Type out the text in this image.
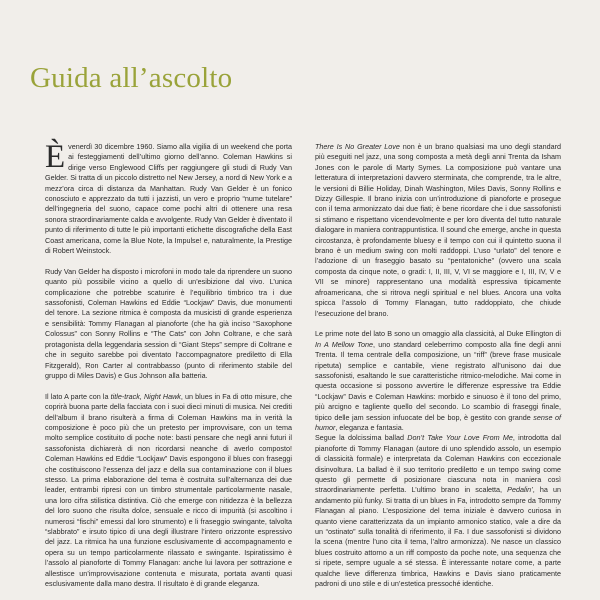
Guida all’ascolto

Èvenerdì 30 dicembre 1960. Siamo alla vigilia di un weekend che porta ai festeggiamenti dell’ultimo giorno dell’anno. Coleman Hawkins si dirige verso Englewood Cliffs per raggiungere gli studi di Rudy Van Gelder. Si tratta di un piccolo distretto nel New Jersey, a nord di New York e a mezz’ora circa di distanza da Manhattan. Rudy Van Gelder è un fonico conosciuto e apprezzato da tutti i jazzisti, un vero e proprio “nume tutelare” dell’ingegneria del suono, capace come pochi altri di ottenere una resa sonora straordinariamente calda e avvolgente. Rudy Van Gelder è diventato il punto di riferimento di tutte le più importanti etichette discografiche della East Coast americana, come la Blue Note, la Impulse! e, naturalmente, la Prestige di Robert Weinstock.

Rudy Van Gelder ha disposto i microfoni in modo tale da riprendere un suono quanto più possibile vicino a quello di un’esibizione dal vivo. L’unica complicazione che potrebbe scaturire è l’equilibrio timbrico tra i due sassofonisti, Coleman Hawkins ed Eddie “Lockjaw” Davis, due monumenti del tenore. La sezione ritmica è composta da musicisti di grande esperienza e sensibilità: Tommy Flanagan al pianoforte (che ha già inciso “Saxophone Colossus” con Sonny Rollins e “The Cats” con John Coltrane, e che sarà protagonista della leggendaria session di “Giant Steps” sempre di Coltrane e che in seguito sarebbe poi diventato l’accompagnatore prediletto di Ella Fitzgerald), Ron Carter al contrabbasso (punto di riferimento stabile del gruppo di Miles Davis) e Gus Johnson alla batteria.

Il lato A parte con la title-track, Night Hawk, un blues in Fa di otto misure, che coprirà buona parte della facciata con i suoi dieci minuti di musica. Nei crediti dell’album il brano risulterà a firma di Coleman Hawkins ma in verità la composizione è poco più che un pretesto per improvvisare, con un tema molto semplice costituito di poche note: basti pensare che negli anni futuri il sassofonista dichiarerà di non ricordarsi neanche di averlo composto! Coleman Hawkins ed Eddie “Lockjaw” Davis espongono il blues con fraseggi che costituiscono l’essenza del jazz e della sua contaminazione con il blues stesso. La prima elaborazione del tema è costruita sull’alternanza dei due leader, entrambi ripresi con un timbro strumentale particolarmente nasale, una loro cifra stilistica distintiva. Ciò che emerge con nitidezza è la bellezza del loro suono che risulta dolce, sensuale e ricco di impurità (si ascoltino i numerosi “fischi” emessi dal loro strumento) e li fraseggio swingante, talvolta “slabbrato” e irsuto tipico di una degli illustrare l’intero orizzonte espressivo del jazz. La ritmica ha una funzione esclusivamente di accompagnamento e opera su un tempo particolarmente rilassato e swingante. Ispiratissimo è l’assolo al pianoforte di Tommy Flanagan: anche lui lavora per sottrazione e allestisce un’improvvisazione contenuta e misurata, portata avanti quasi esclusivamente dalla mano destra. Il risultato è di grande eleganza.

There Is No Greater Love non è un brano qualsiasi ma uno degli standard più eseguiti nel jazz, una song composta a metà degli anni Trenta da Isham Jones con le parole di Marty Symes. La composizione può vantare una letteratura di interpretazioni davvero sterminata, che comprende, tra le altre, le versioni di Billie Holiday, Dinah Washington, Miles Davis, Sonny Rollins e Dizzy Gillespie. Il brano inizia con un’introduzione di pianoforte e prosegue con il tema armonizzato dai due fiati; è bene ricordare che i due sassofonisti si stimano e rispettano vicendevolmente e per loro diventa del tutto naturale dialogare in maniera contrappuntistica. Il sound che emerge, anche in questa circostanza, è profondamente bluesy e il tempo con cui il quintetto suona il brano è un medium swing con molti raddoppi. L’uso “urlato” del tenore e l’adozione di un fraseggio basato su “pentatoniche” (ovvero una scala composta da cinque note, o gradi: I, II, III, V, VI se maggiore e I, III, IV, V e VII se minore) rappresentano una modalità espressiva tipicamente afroamericana, che si ritrova negli spiritual e nel blues. Ancora una volta spicca l’assolo di Tommy Flanagan, tutto raddoppiato, che chiude l’esecuzione del brano.

Le prime note del lato B sono un omaggio alla classicità, al Duke Ellington di In A Mellow Tone, uno standard celeberrimo composto alla fine degli anni Trenta. Il tema centrale della composizione, un “riff” (breve frase musicale ripetuta) semplice e cantabile, viene registrato all’unisono dai due sassofonisti, esaltando le sue caratteristiche ritmico-melodiche. Mai come in questa occasione si possono avvertire le differenze espressive tra Eddie “Lockjaw” Davis e Coleman Hawkins: morbido e sinuoso è il tono del primo, più arcigno e tagliente quello del secondo. Lo scambio di fraseggi finale, tipico delle jam session infuocate del be bop, è gestito con grande sense of humor, eleganza e fantasia.

Segue la dolcissima ballad Don’t Take Your Love From Me, introdotta dal pianoforte di Tommy Flanagan (autore di uno splendido assolo, un esempio di classicità formale) e interpretata da Coleman Hawkins con eccezionale disinvoltura. La ballad è il suo territorio prediletto e un tempo swing come questo gli permette di posizionare ciascuna nota in maniera così straordinariamente perfetta. L’ultimo brano in scaletta, Pedalin’, ha un andamento più funky. Si tratta di un blues in Fa, introdotto sempre da Tommy Flanagan al piano. L’esposizione del tema iniziale è davvero curiosa in quanto viene caratterizzata da un impianto armonico statico, vale a dire da un “ostinato” sulla tonalità di riferimento, il Fa. I due sassofonisti si dividono la scena (mentre l’uno cita il tema, l’altro armonizza). Ne nasce un classico blues costruito attorno a un riff composto da poche note, una sequenza che si ripete, sempre uguale a sé stessa. È interessante notare come, a parte qualche lieve differenza timbrica, Hawkins e Davis siano praticamente padroni di uno stile e di un’estetica pressoché identiche.
